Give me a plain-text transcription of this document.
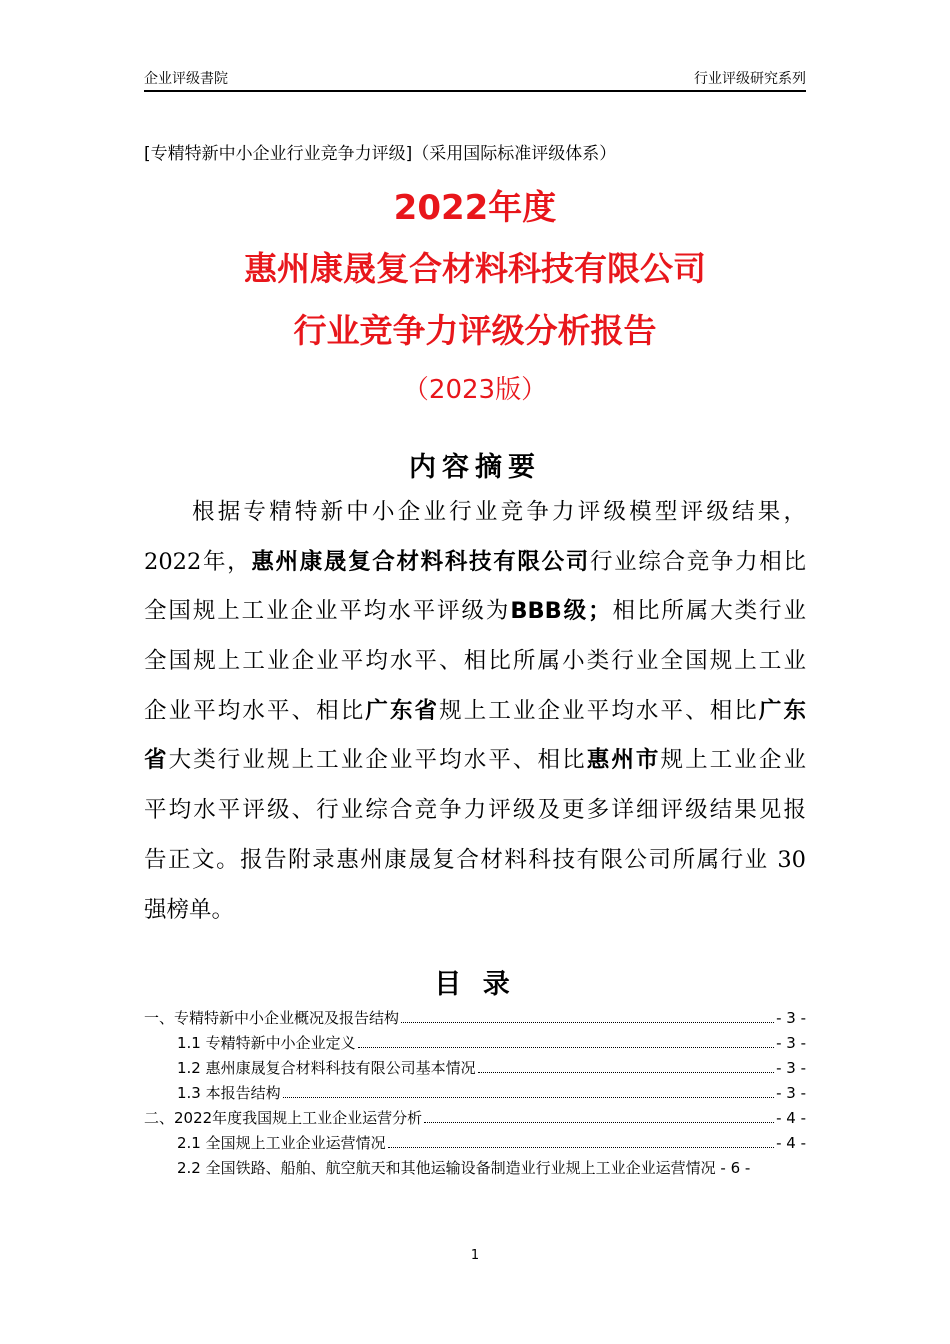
企业评级書院	行业评级研究系列
[专精特新中小企业行业竞争力评级]（采用国际标准评级体系）
2022年度
惠州康晟复合材料科技有限公司
行业竞争力评级分析报告
（2023版）
内容摘要
根据专精特新中小企业行业竞争力评级模型评级结果，
2022年，惠州康晟复合材料科技有限公司行业综合竞争力相比
全国规上工业企业平均水平评级为BBB级；相比所属大类行业
全国规上工业企业平均水平、相比所属小类行业全国规上工业
企业平均水平、相比广东省规上工业企业平均水平、相比广东
省大类行业规上工业企业平均水平、相比惠州市规上工业企业
平均水平评级、行业综合竞争力评级及更多详细评级结果见报
告正文。报告附录惠州康晟复合材料科技有限公司所属行业 30
强榜单。
目 录
一、专精特新中小企业概况及报告结构	- 3 -
1.1 专精特新中小企业定义	- 3 -
1.2 惠州康晟复合材料科技有限公司基本情况	- 3 -
1.3 本报告结构	- 3 -
二、2022年度我国规上工业企业运营分析	- 4 -
2.1 全国规上工业企业运营情况	- 4 -
2.2 全国铁路、船舶、航空航天和其他运输设备制造业行业规上工业企业运营情况 - 6 -
1
